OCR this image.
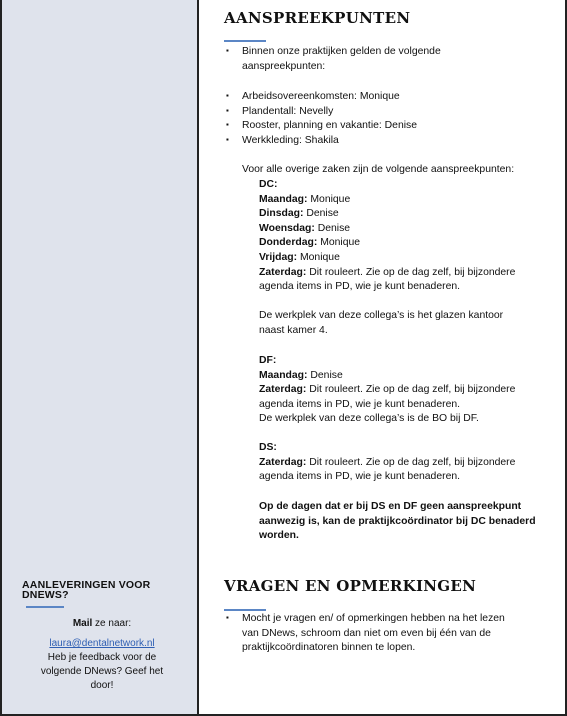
AANLEVERINGEN VOOR
DNEWS?
Mail ze naar:
laura@dentalnetwork.nl
Heb je feedback voor de
volgende DNews? Geef het
door!
AANSPREEKPUNTEN
▪ Binnen onze praktijken gelden de volgende
aanspreekpunten:
▪ Arbeidsovereenkomsten: Monique
▪ Plandentall: Nevelly
▪ Rooster, planning en vakantie: Denise
▪ Werkkleding: Shakila
Voor alle overige zaken zijn de volgende aanspreekpunten:
DC:
Maandag: Monique
Dinsdag: Denise
Woensdag: Denise
Donderdag: Monique
Vrijdag: Monique
Zaterdag: Dit rouleert. Zie op de dag zelf, bij bijzondere
agenda items in PD, wie je kunt benaderen.
De werkplek van deze collega’s is het glazen kantoor
naast kamer 4.
DF:
Maandag: Denise
Zaterdag: Dit rouleert. Zie op de dag zelf, bij bijzondere
agenda items in PD, wie je kunt benaderen.
De werkplek van deze collega’s is de BO bij DF.
DS:
Zaterdag: Dit rouleert. Zie op de dag zelf, bij bijzondere
agenda items in PD, wie je kunt benaderen.
Op de dagen dat er bij DS en DF geen aanspreekpunt
aanwezig is, kan de praktijkcoördinator bij DC benaderd
worden.
VRAGEN EN OPMERKINGEN
▪ Mocht je vragen en/ of opmerkingen hebben na het lezen
van DNews, schroom dan niet om even bij één van de
praktijkcoördinatoren binnen te lopen.
